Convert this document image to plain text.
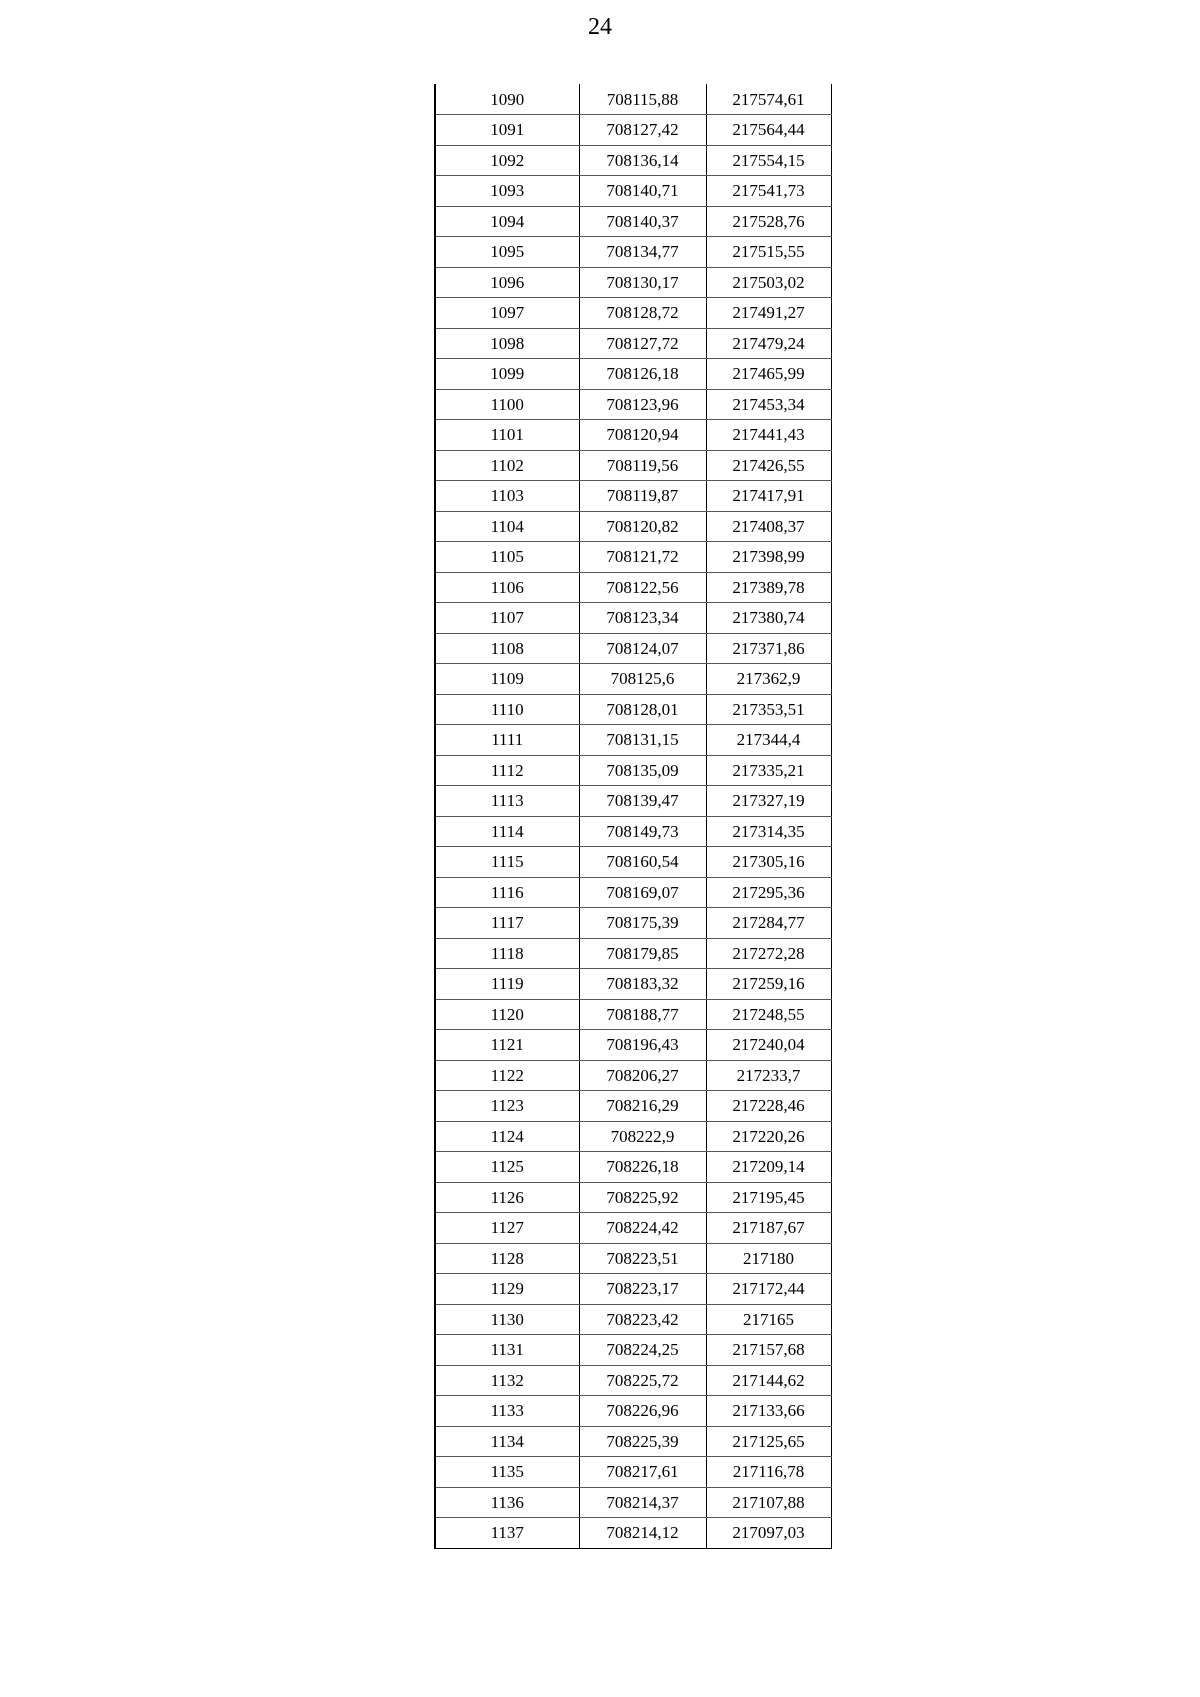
24
1090	708115,88	217574,61
1091	708127,42	217564,44
1092	708136,14	217554,15
1093	708140,71	217541,73
1094	708140,37	217528,76
1095	708134,77	217515,55
1096	708130,17	217503,02
1097	708128,72	217491,27
1098	708127,72	217479,24
1099	708126,18	217465,99
1100	708123,96	217453,34
1101	708120,94	217441,43
1102	708119,56	217426,55
1103	708119,87	217417,91
1104	708120,82	217408,37
1105	708121,72	217398,99
1106	708122,56	217389,78
1107	708123,34	217380,74
1108	708124,07	217371,86
1109	708125,6	217362,9
1110	708128,01	217353,51
1111	708131,15	217344,4
1112	708135,09	217335,21
1113	708139,47	217327,19
1114	708149,73	217314,35
1115	708160,54	217305,16
1116	708169,07	217295,36
1117	708175,39	217284,77
1118	708179,85	217272,28
1119	708183,32	217259,16
1120	708188,77	217248,55
1121	708196,43	217240,04
1122	708206,27	217233,7
1123	708216,29	217228,46
1124	708222,9	217220,26
1125	708226,18	217209,14
1126	708225,92	217195,45
1127	708224,42	217187,67
1128	708223,51	217180
1129	708223,17	217172,44
1130	708223,42	217165
1131	708224,25	217157,68
1132	708225,72	217144,62
1133	708226,96	217133,66
1134	708225,39	217125,65
1135	708217,61	217116,78
1136	708214,37	217107,88
1137	708214,12	217097,03
